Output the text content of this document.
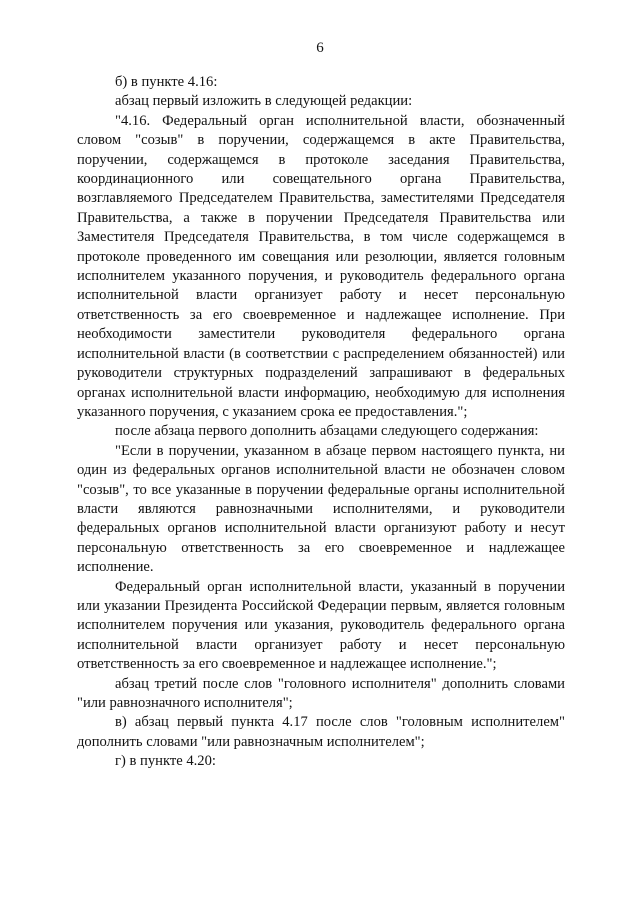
6

б) в пункте 4.16:

абзац первый изложить в следующей редакции:

"4.16. Федеральный орган исполнительной власти, обозначенный словом "созыв" в поручении, содержащемся в акте Правительства, поручении, содержащемся в протоколе заседания Правительства, координационного или совещательного органа Правительства, возглавляемого Председателем Правительства, заместителями Председателя Правительства, а также в поручении Председателя Правительства или Заместителя Председателя Правительства, в том числе содержащемся в протоколе проведенного им совещания или резолюции, является головным исполнителем указанного поручения, и руководитель федерального органа исполнительной власти организует работу и несет персональную ответственность за его своевременное и надлежащее исполнение. При необходимости заместители руководителя федерального органа исполнительной власти (в соответствии с распределением обязанностей) или руководители структурных подразделений запрашивают в федеральных органах исполнительной власти информацию, необходимую для исполнения указанного поручения, с указанием срока ее предоставления.";

после абзаца первого дополнить абзацами следующего содержания:

"Если в поручении, указанном в абзаце первом настоящего пункта, ни один из федеральных органов исполнительной власти не обозначен словом "созыв", то все указанные в поручении федеральные органы исполнительной власти являются равнозначными исполнителями, и руководители федеральных органов исполнительной власти организуют работу и несут персональную ответственность за его своевременное и надлежащее исполнение.

Федеральный орган исполнительной власти, указанный в поручении или указании Президента Российской Федерации первым, является головным исполнителем поручения или указания, руководитель федерального органа исполнительной власти организует работу и несет персональную ответственность за его своевременное и надлежащее исполнение.";

абзац третий после слов "головного исполнителя" дополнить словами "или равнозначного исполнителя";

в) абзац первый пункта 4.17 после слов "головным исполнителем" дополнить словами "или равнозначным исполнителем";

г) в пункте 4.20:
